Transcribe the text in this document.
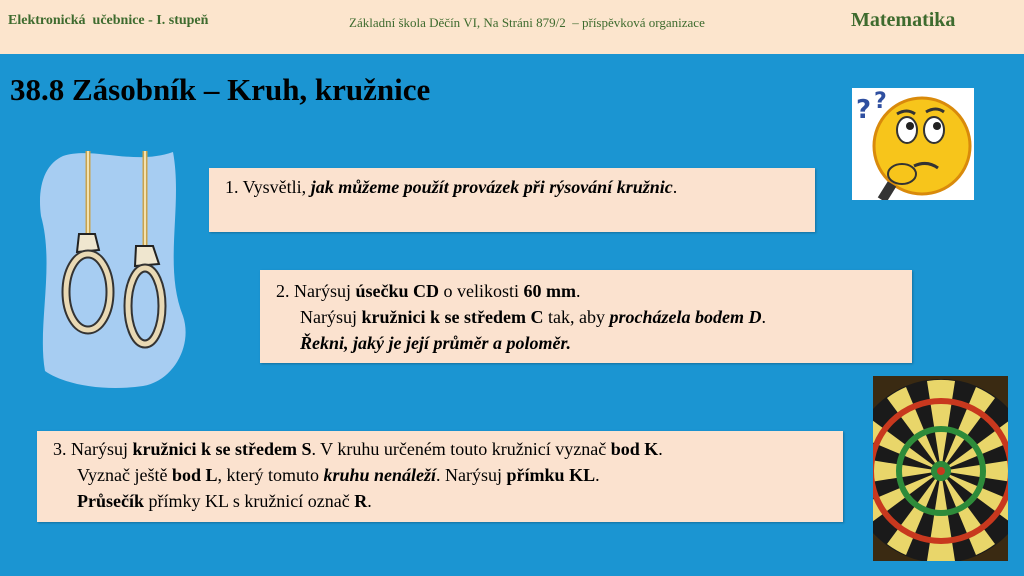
Elektronická  učebnice - I. stupeň	Základní škola Děčín VI, Na Stráni 879/2  – příspěvková organizace	Matematika
38.8 Zásobník – Kruh, kružnice
1. Vysvětli, jak můžeme použít provázek při rýsování kružnic.
2. Narýsuj úsečku CD o velikosti 60 mm.
Narýsuj kružnici k se středem C tak, aby procházela bodem D.
Řekni, jaký je její průměr a poloměr.
3. Narýsuj kružnici k se středem S. V kruhu určeném touto kružnicí vyznač bod K.
Vyznač ještě bod L, který tomuto kruhu nenáleží. Narýsuj přímku KL.
Průsečík přímky KL s kružnicí označ R.
? ?
